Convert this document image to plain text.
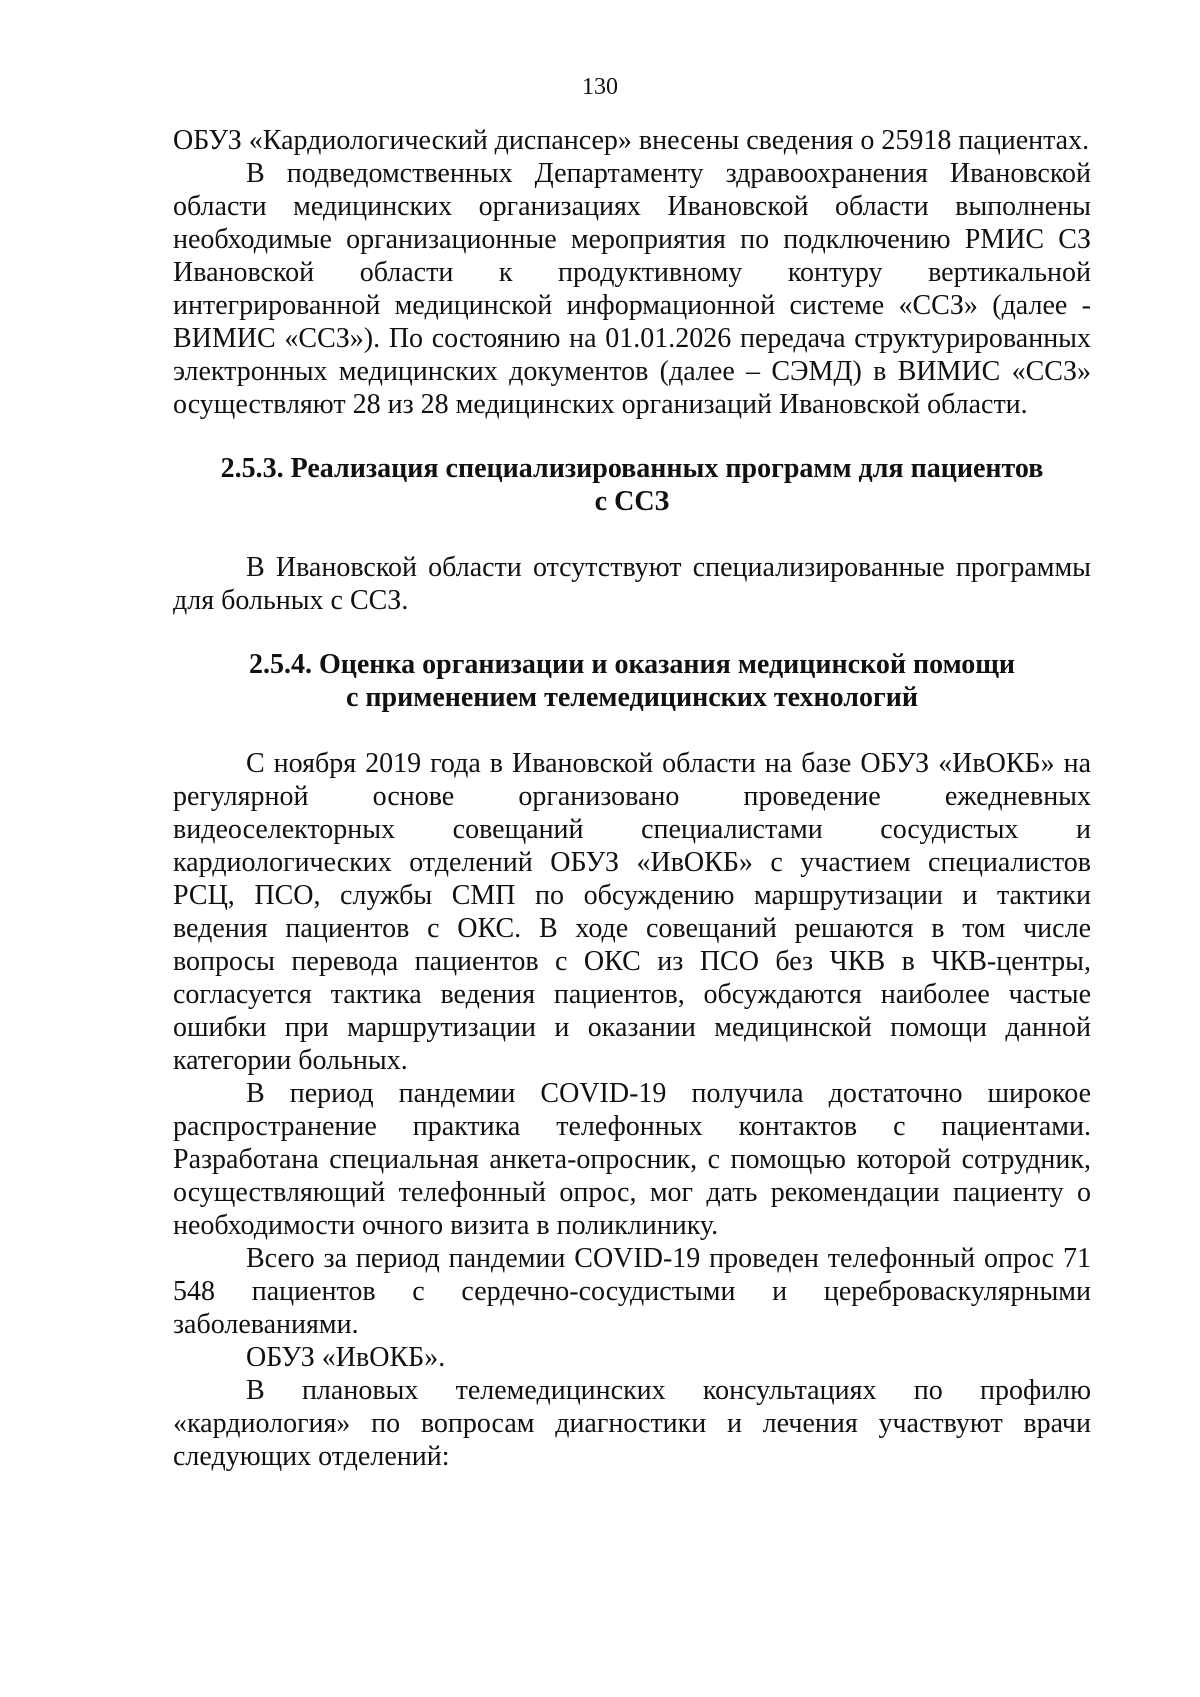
130

ОБУЗ «Кардиологический диспансер» внесены сведения о 25918 пациентах.

В подведомственных Департаменту здравоохранения Ивановской области медицинских организациях Ивановской области выполнены необходимые организационные мероприятия по подключению РМИС СЗ Ивановской области к продуктивному контуру вертикальной интегрированной медицинской информационной системе «ССЗ» (далее - ВИМИС «ССЗ»). По состоянию на 01.01.2026 передача структурированных электронных медицинских документов (далее – СЭМД) в ВИМИС «ССЗ» осуществляют 28 из 28 медицинских организаций Ивановской области.

2.5.3. Реализация специализированных программ для пациентов

с ССЗ

В Ивановской области отсутствуют специализированные программы для больных с ССЗ.

2.5.4. Оценка организации и оказания медицинской помощи

с применением телемедицинских технологий

С ноября 2019 года в Ивановской области на базе ОБУЗ «ИвОКБ» на регулярной основе организовано проведение ежедневных видеоселекторных совещаний специалистами сосудистых и кардиологических отделений ОБУЗ «ИвОКБ» с участием специалистов РСЦ, ПСО, службы СМП по обсуждению маршрутизации и тактики ведения пациентов с ОКС. В ходе совещаний решаются в том числе вопросы перевода пациентов с ОКС из ПСО без ЧКВ в ЧКВ-центры, согласуется тактика ведения пациентов, обсуждаются наиболее частые ошибки при маршрутизации и оказании медицинской помощи данной категории больных.

В период пандемии COVID-19 получила достаточно широкое распространение практика телефонных контактов с пациентами. Разработана специальная анкета-опросник, с помощью которой сотрудник, осуществляющий телефонный опрос, мог дать рекомендации пациенту о необходимости очного визита в поликлинику.

Всего за период пандемии COVID-19 проведен телефонный опрос 71 548 пациентов с сердечно-сосудистыми и цереброваскулярными заболеваниями.

ОБУЗ «ИвОКБ».

В плановых телемедицинских консультациях по профилю «кардиология» по вопросам диагностики и лечения участвуют врачи следующих отделений:
